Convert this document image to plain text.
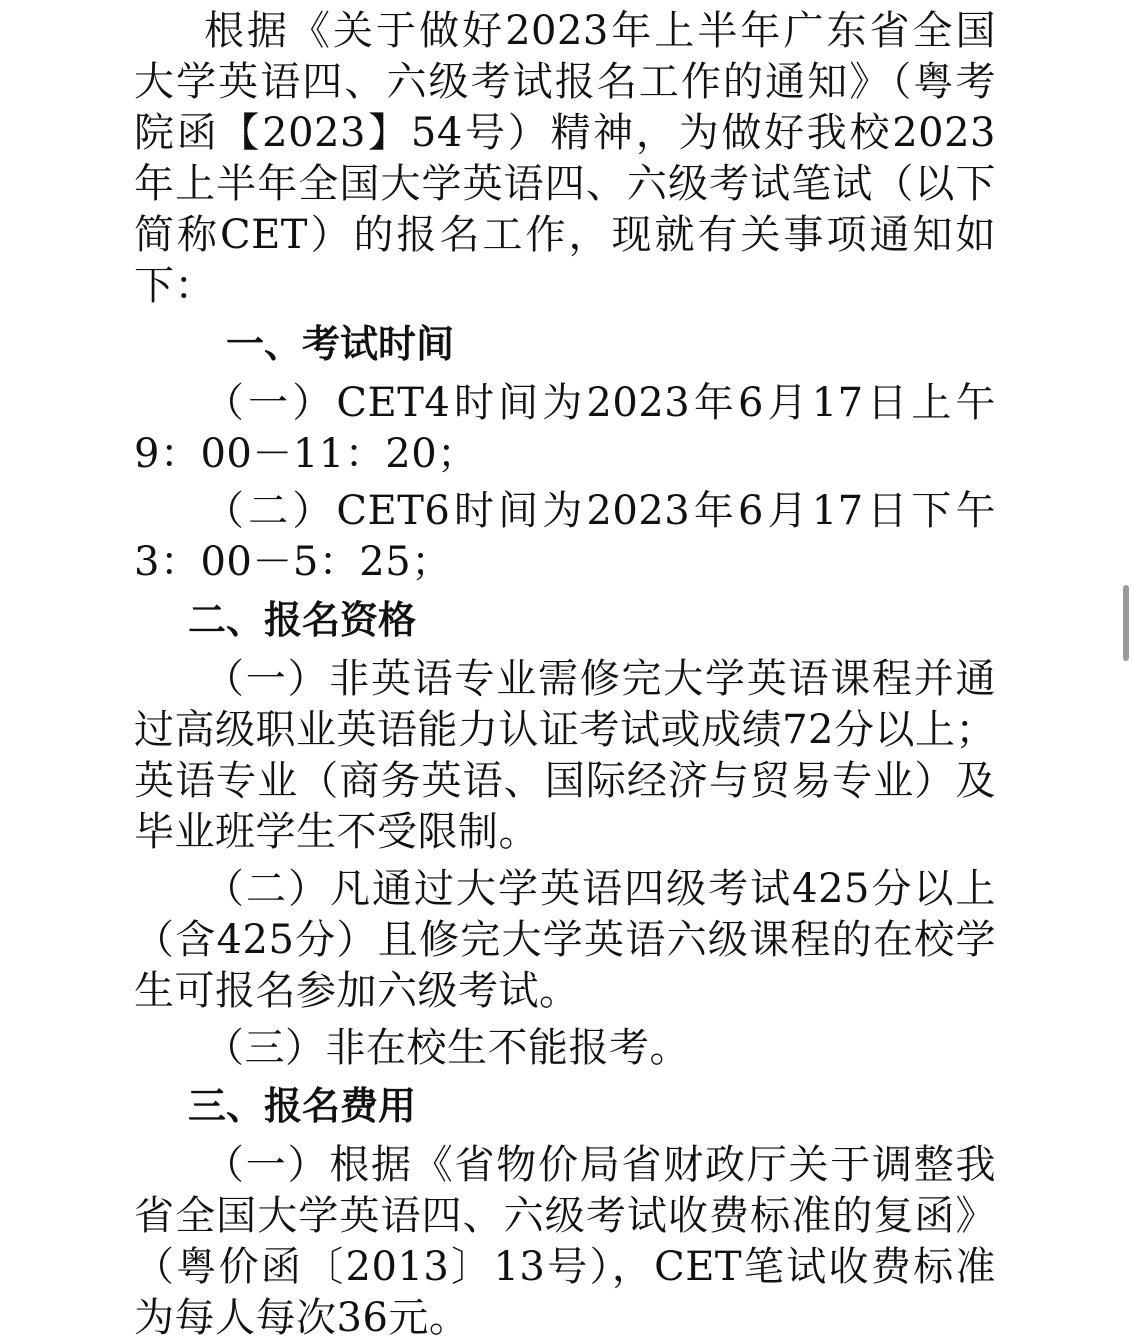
根据《关于做好2023年上半年广东省全国大学英语四、六级考试报名工作的通知》（粤考院函【2023】54号）精神，为做好我校2023年上半年全国大学英语四、六级考试笔试（以下简称CET）的报名工作，现就有关事项通知如下：

一、考试时间

（一）CET4时间为2023年6月17日上午9：00－11：20；

（二）CET6时间为2023年6月17日下午3：00－5：25；

二、报名资格

（一）非英语专业需修完大学英语课程并通过高级职业英语能力认证考试或成绩72分以上；英语专业（商务英语、国际经济与贸易专业）及毕业班学生不受限制。

（二）凡通过大学英语四级考试425分以上（含425分）且修完大学英语六级课程的在校学生可报名参加六级考试。

（三）非在校生不能报考。

三、报名费用

（一）根据《省物价局省财政厅关于调整我省全国大学英语四、六级考试收费标准的复函》（粤价函〔2013〕13号），CET笔试收费标准为每人每次36元。
